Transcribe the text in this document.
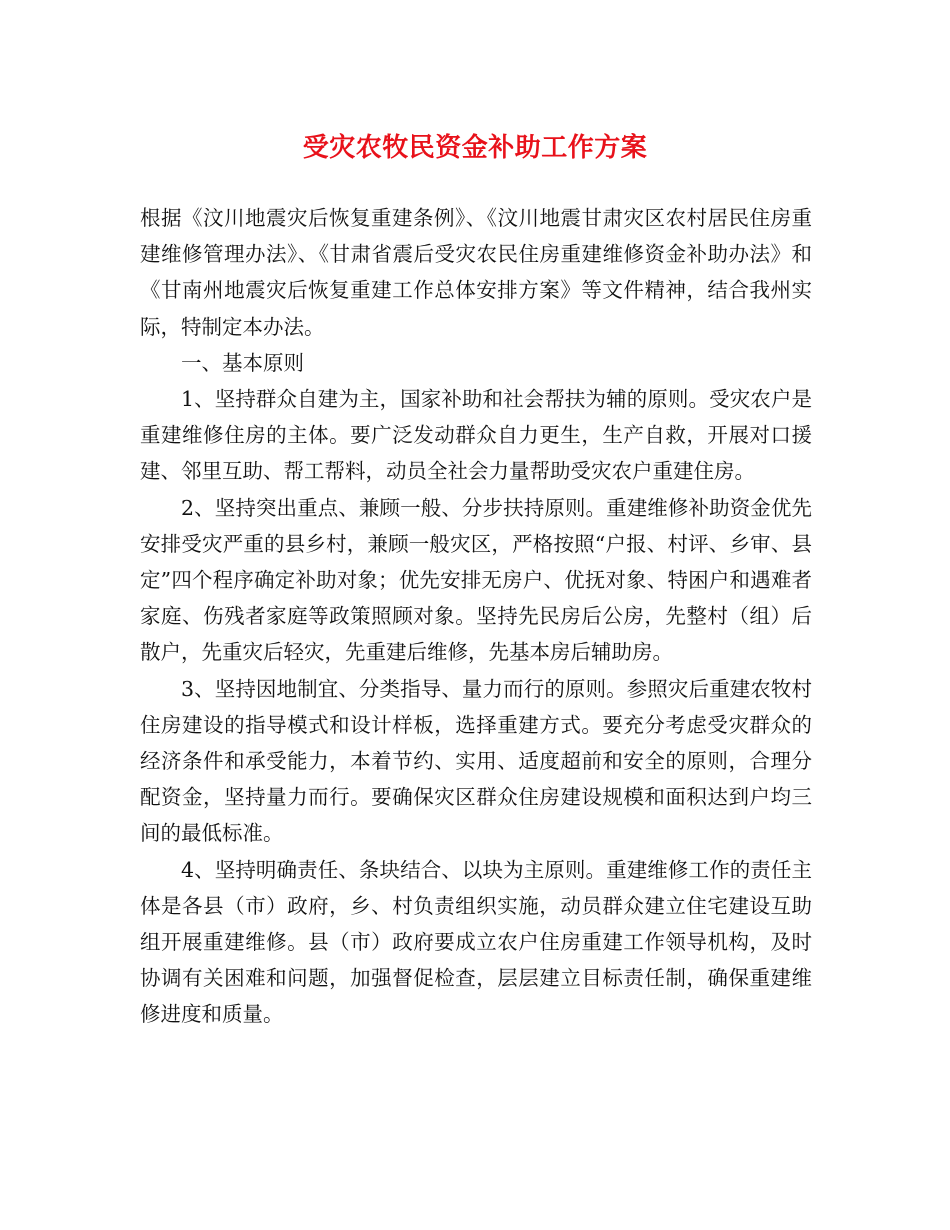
受灾农牧民资金补助工作方案

根据《汶川地震灾后恢复重建条例》、《汶川地震甘肃灾区农村居民住房重建维修管理办法》、《甘肃省震后受灾农民住房重建维修资金补助办法》和《甘南州地震灾后恢复重建工作总体安排方案》等文件精神，结合我州实际，特制定本办法。

一、基本原则

1、坚持群众自建为主，国家补助和社会帮扶为辅的原则。受灾农户是重建维修住房的主体。要广泛发动群众自力更生，生产自救，开展对口援建、邻里互助、帮工帮料，动员全社会力量帮助受灾农户重建住房。

2、坚持突出重点、兼顾一般、分步扶持原则。重建维修补助资金优先安排受灾严重的县乡村，兼顾一般灾区，严格按照“户报、村评、乡审、县定”四个程序确定补助对象；优先安排无房户、优抚对象、特困户和遇难者家庭、伤残者家庭等政策照顾对象。坚持先民房后公房，先整村（组）后散户，先重灾后轻灾，先重建后维修，先基本房后辅助房。

3、坚持因地制宜、分类指导、量力而行的原则。参照灾后重建农牧村住房建设的指导模式和设计样板，选择重建方式。要充分考虑受灾群众的经济条件和承受能力，本着节约、实用、适度超前和安全的原则，合理分配资金，坚持量力而行。要确保灾区群众住房建设规模和面积达到户均三间的最低标准。

4、坚持明确责任、条块结合、以块为主原则。重建维修工作的责任主体是各县（市）政府，乡、村负责组织实施，动员群众建立住宅建设互助组开展重建维修。县（市）政府要成立农户住房重建工作领导机构，及时协调有关困难和问题，加强督促检查，层层建立目标责任制，确保重建维修进度和质量。
